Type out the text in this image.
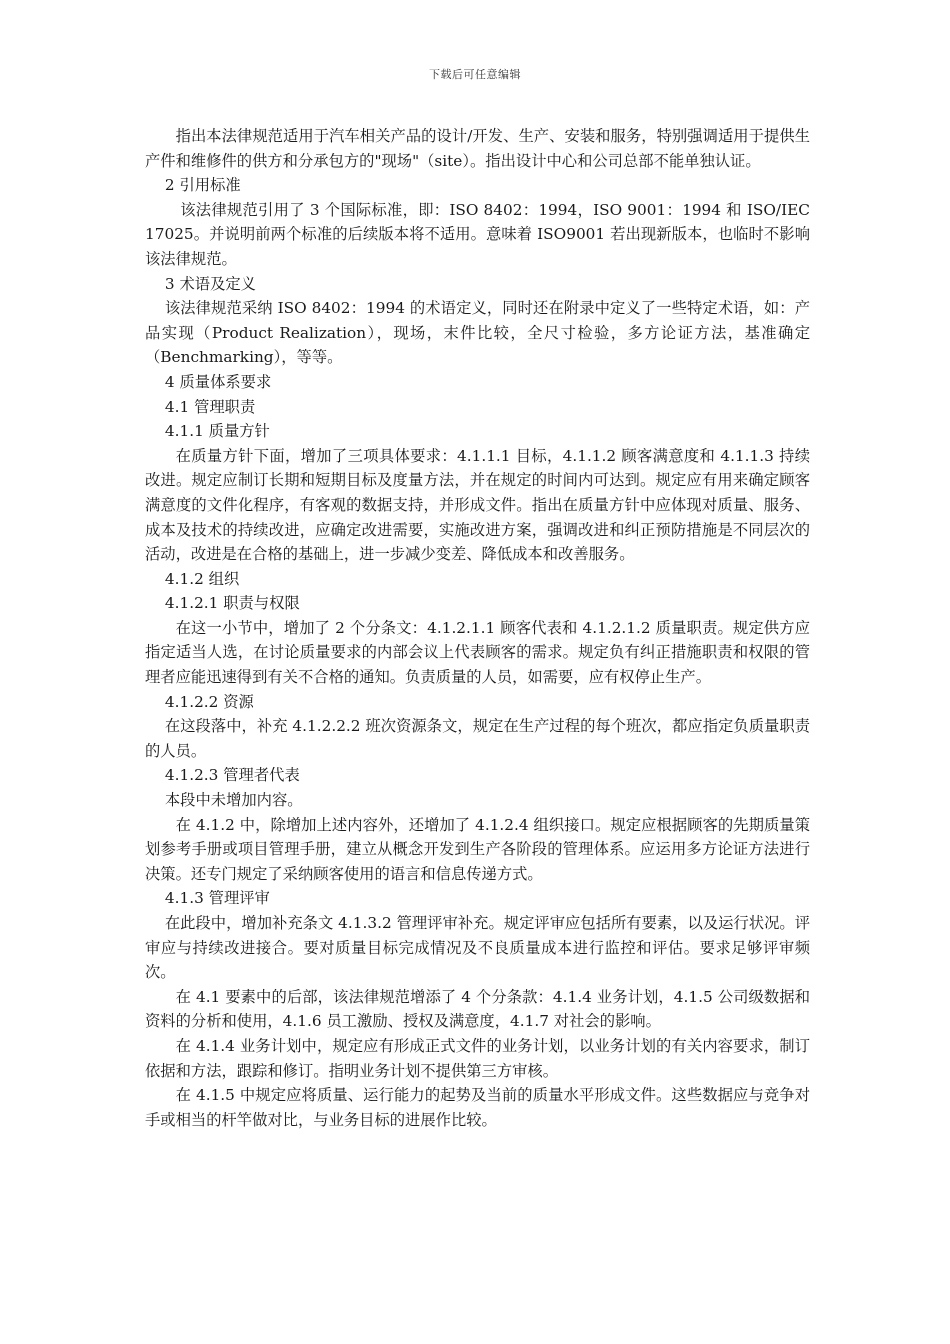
下载后可任意编辑

指出本法律规范适用于汽车相关产品的设计/开发、生产、安装和服务，特别强调适用于提供生产件和维修件的供方和分承包方的"现场"（site）。指出设计中心和公司总部不能单独认证。

2 引用标准

该法律规范引用了 3 个国际标准，即：ISO 8402：1994，ISO 9001：1994 和 ISO/IEC 17025。并说明前两个标准的后续版本将不适用。意味着 ISO9001 若出现新版本，也临时不影响该法律规范。

3 术语及定义

该法律规范采纳 ISO 8402：1994 的术语定义，同时还在附录中定义了一些特定术语，如：产品实现（Product Realization），现场，末件比较，全尺寸检验，多方论证方法，基准确定（Benchmarking），等等。

4 质量体系要求

4.1 管理职责

4.1.1 质量方针

在质量方针下面，增加了三项具体要求：4.1.1.1 目标，4.1.1.2 顾客满意度和 4.1.1.3 持续改进。规定应制订长期和短期目标及度量方法，并在规定的时间内可达到。规定应有用来确定顾客满意度的文件化程序，有客观的数据支持，并形成文件。指出在质量方针中应体现对质量、服务、成本及技术的持续改进，应确定改进需要，实施改进方案，强调改进和纠正预防措施是不同层次的活动，改进是在合格的基础上，进一步减少变差、降低成本和改善服务。

4.1.2 组织

4.1.2.1 职责与权限

在这一小节中，增加了 2 个分条文：4.1.2.1.1 顾客代表和 4.1.2.1.2 质量职责。规定供方应指定适当人选，在讨论质量要求的内部会议上代表顾客的需求。规定负有纠正措施职责和权限的管理者应能迅速得到有关不合格的通知。负责质量的人员，如需要，应有权停止生产。

4.1.2.2 资源

在这段落中，补充 4.1.2.2.2 班次资源条文，规定在生产过程的每个班次，都应指定负质量职责的人员。

4.1.2.3 管理者代表

本段中未增加内容。

在 4.1.2 中，除增加上述内容外，还增加了 4.1.2.4 组织接口。规定应根据顾客的先期质量策划参考手册或项目管理手册，建立从概念开发到生产各阶段的管理体系。应运用多方论证方法进行决策。还专门规定了采纳顾客使用的语言和信息传递方式。

4.1.3 管理评审

在此段中，增加补充条文 4.1.3.2 管理评审补充。规定评审应包括所有要素，以及运行状况。评审应与持续改进接合。要对质量目标完成情况及不良质量成本进行监控和评估。要求足够评审频次。

在 4.1 要素中的后部，该法律规范增添了 4 个分条款：4.1.4 业务计划，4.1.5 公司级数据和资料的分析和使用，4.1.6 员工激励、授权及满意度，4.1.7 对社会的影响。

在 4.1.4 业务计划中，规定应有形成正式文件的业务计划，以业务计划的有关内容要求，制订依据和方法，跟踪和修订。指明业务计划不提供第三方审核。

在 4.1.5 中规定应将质量、运行能力的起势及当前的质量水平形成文件。这些数据应与竞争对手或相当的杆竿做对比，与业务目标的进展作比较。
